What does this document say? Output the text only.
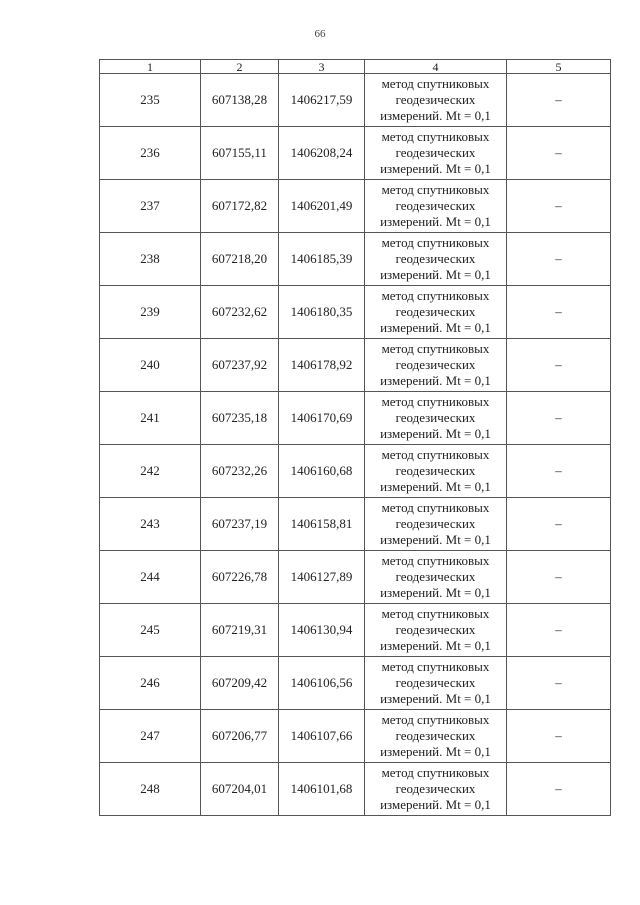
66
1	2	3	4	5
235	607138,28	1406217,59	метод спутниковых
геодезических
измерений. Mt = 0,1	–
236	607155,11	1406208,24	метод спутниковых
геодезических
измерений. Mt = 0,1	–
237	607172,82	1406201,49	метод спутниковых
геодезических
измерений. Mt = 0,1	–
238	607218,20	1406185,39	метод спутниковых
геодезических
измерений. Mt = 0,1	–
239	607232,62	1406180,35	метод спутниковых
геодезических
измерений. Mt = 0,1	–
240	607237,92	1406178,92	метод спутниковых
геодезических
измерений. Mt = 0,1	–
241	607235,18	1406170,69	метод спутниковых
геодезических
измерений. Mt = 0,1	–
242	607232,26	1406160,68	метод спутниковых
геодезических
измерений. Mt = 0,1	–
243	607237,19	1406158,81	метод спутниковых
геодезических
измерений. Mt = 0,1	–
244	607226,78	1406127,89	метод спутниковых
геодезических
измерений. Mt = 0,1	–
245	607219,31	1406130,94	метод спутниковых
геодезических
измерений. Mt = 0,1	–
246	607209,42	1406106,56	метод спутниковых
геодезических
измерений. Mt = 0,1	–
247	607206,77	1406107,66	метод спутниковых
геодезических
измерений. Mt = 0,1	–
248	607204,01	1406101,68	метод спутниковых
геодезических
измерений. Mt = 0,1	–
